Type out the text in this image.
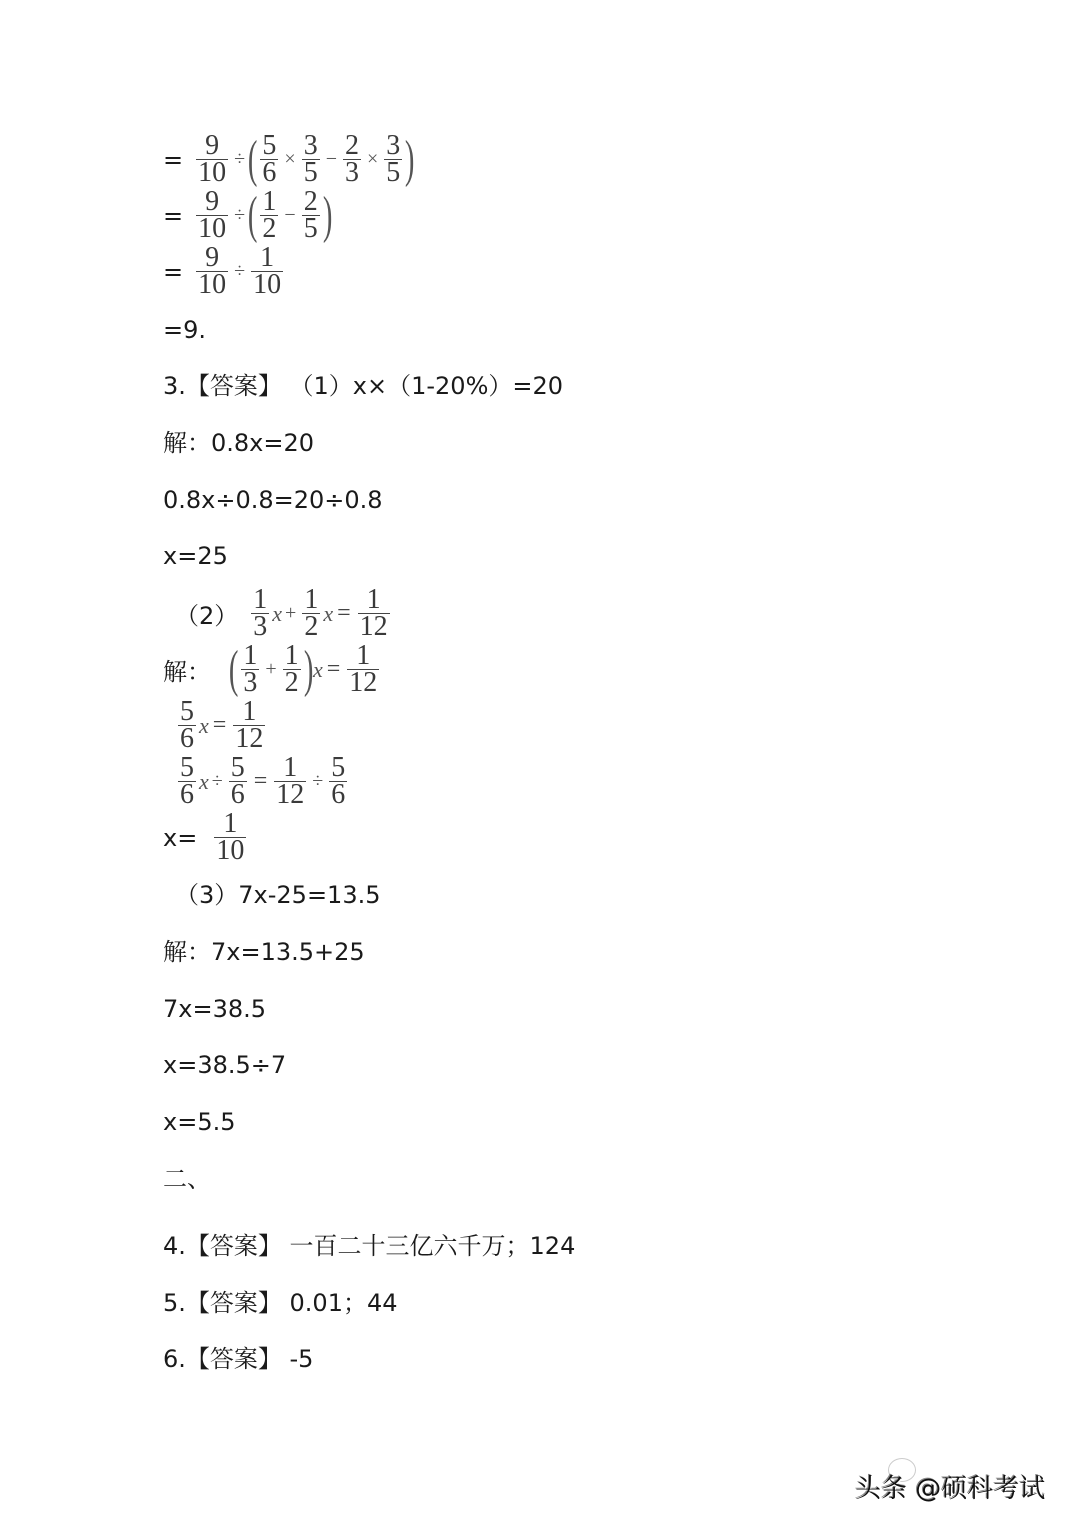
= $\frac{9}{10}$ ÷ ( $\frac{5}{6} \times \frac{3}{5} - \frac{2}{3} \times \frac{3}{5}$ )
= $\frac{9}{10}$ ÷ ( $\frac{1}{2} - \frac{2}{5}$ )
= $\frac{9}{10} \div \frac{1}{10}$
=9.
3.【答案】 （1）x×（1-20%）=20
解：0.8x=20
0.8x÷0.8=20÷0.8
x=25
$(2) \frac{1}{3}$ $x + \frac{1}{2}$ $x = \frac{1}{12}$
解： ( $\frac{1}{3} + \frac{1}{2}$ ) $x = \frac{1}{12}$
$\frac{5}{6}$ $x = \frac{1}{12}$
$\frac{5}{6}$ $x \div \frac{5}{6} = \frac{1}{12} \div \frac{5}{6}$
$x= \frac{1}{10}$
（3）7x-25=13.5
解：7x=13.5+25
7x=38.5
x=38.5÷7
x=5.5
二、
4.【答案】 一百二十三亿六千万；124
5.【答案】 0.01；44
6.【答案】 -5
头条 @硕科考试
